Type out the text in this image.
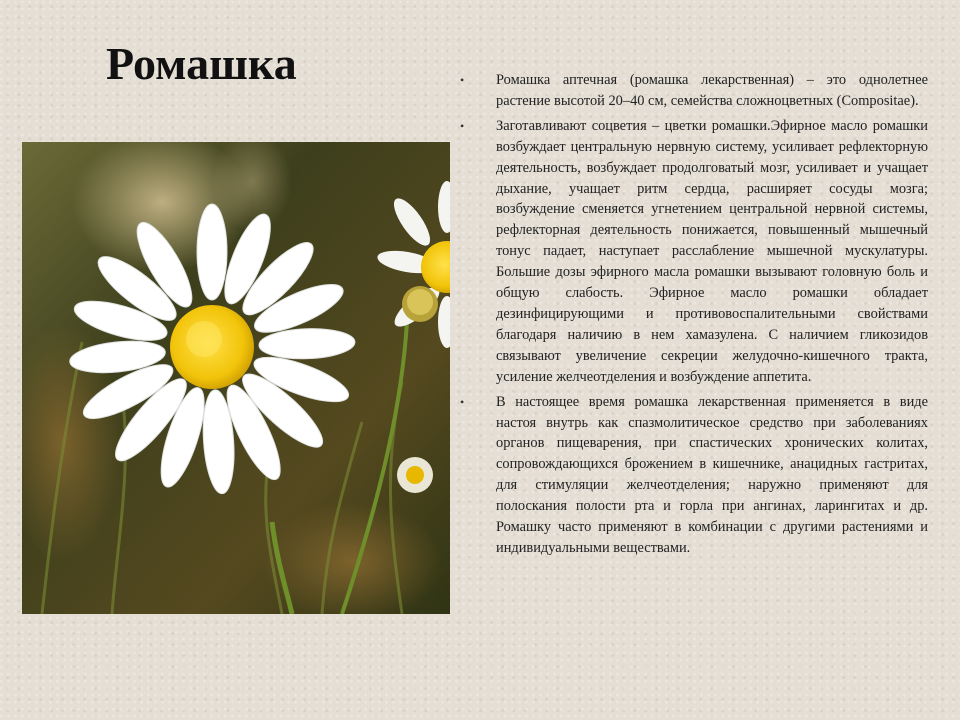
Ромашка	• Ромашка аптечная (ромашка лекарственная) – это однолетнее растение высотой 20–40 см, семейства сложноцветных (Compositae).
• Заготавливают соцветия – цветки ромашки.Эфирное масло ромашки возбуждает центральную нервную систему, усиливает рефлекторную деятельность, возбуждает продолговатый мозг, усиливает и учащает дыхание, учащает ритм сердца, расширяет сосуды мозга; возбуждение сменяется угнетением центральной нервной системы, рефлекторная деятельность понижается, повышенный мышечный тонус падает, наступает расслабление мышечной мускулатуры. Большие дозы эфирного масла ромашки вызывают головную боль и общую слабость. Эфирное масло ромашки обладает дезинфицирующими и противовоспалительными свойствами благодаря наличию в нем хамазулена. С наличием гликозидов связывают увеличение секреции желудочно-кишечного тракта, усиление желчеотделения и возбуждение аппетита.
• В настоящее время ромашка лекарственная применяется в виде настоя внутрь как спазмолитическое средство при заболеваниях органов пищеварения, при спастических хронических колитах, сопровождающихся брожением в кишечнике, анацидных гастритах, для стимуляции желчеотделения; наружно применяют для полоскания полости рта и горла при ангинах, ларингитах и др. Ромашку часто применяют в комбинации с другими растениями и индивидуальными веществами.
